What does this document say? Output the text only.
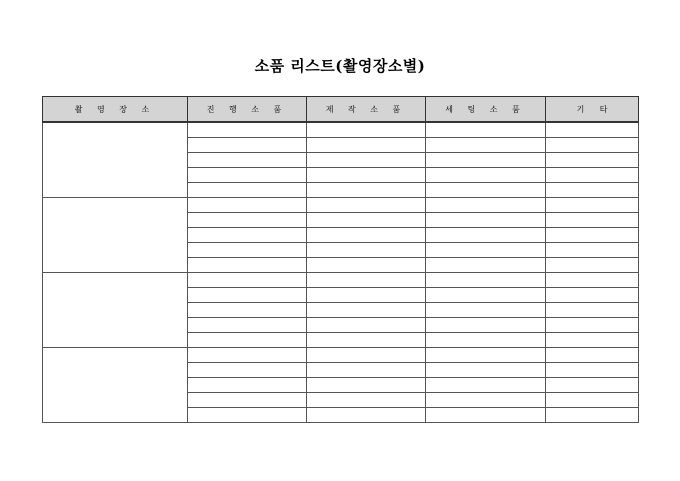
소품 리스트(촬영장소별)
촬 영 장 소	진 행 소 품	제 작 소 품	세 팅 소 품	기      타
